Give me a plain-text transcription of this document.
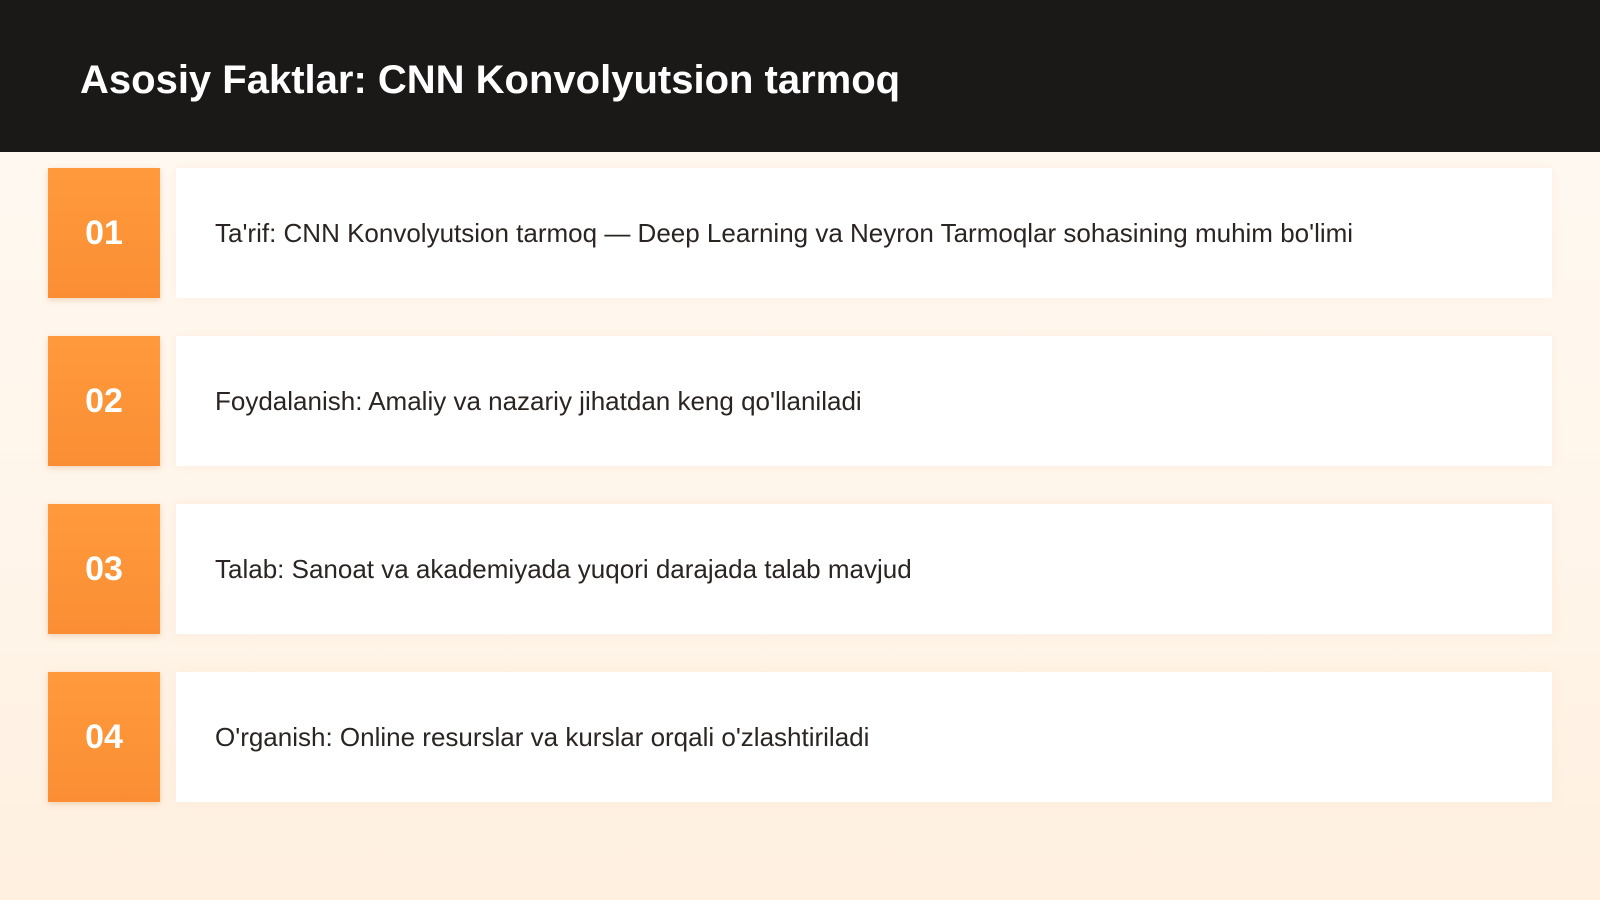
Asosiy Faktlar: CNN Konvolyutsion tarmoq
01	Ta'rif: CNN Konvolyutsion tarmoq — Deep Learning va Neyron Tarmoqlar sohasining muhim bo'limi
02	Foydalanish: Amaliy va nazariy jihatdan keng qo'llaniladi
03	Talab: Sanoat va akademiyada yuqori darajada talab mavjud
04	O'rganish: Online resurslar va kurslar orqali o'zlashtiriladi
